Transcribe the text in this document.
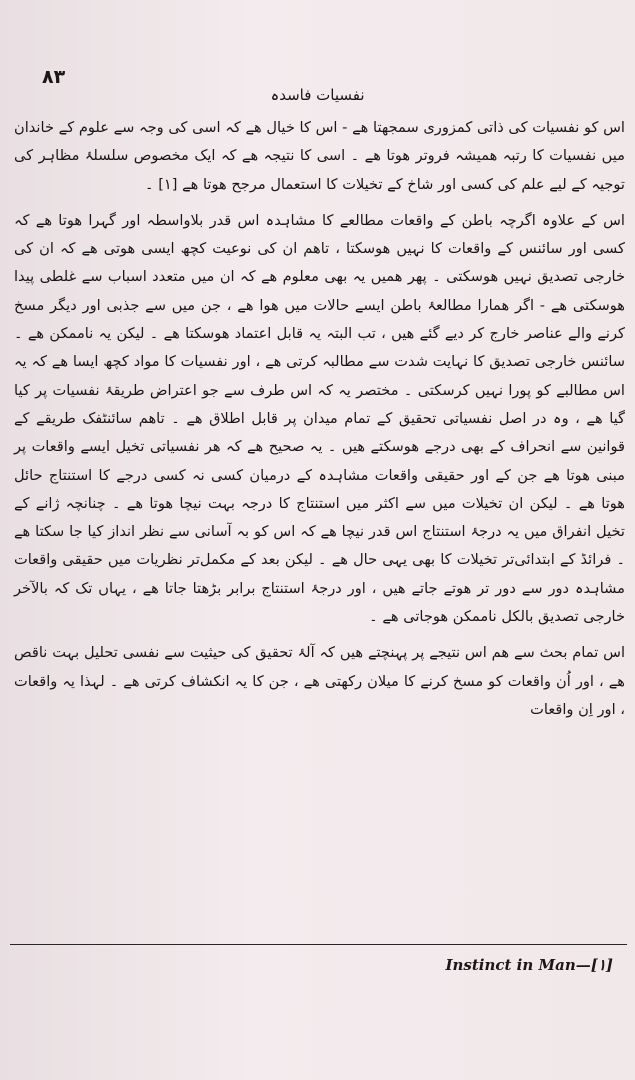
۸۳
نفسیات فاسدہ

اس کو نفسیات کی ذاتی کمزوری سمجھتا ھے - اس کا خیال ھے کہ اسی کی وجہ سے علوم کے خاندان میں نفسیات کا رتبہ ھمیشہ فروتر ھوتا ھے ۔ اسی کا نتیجہ ھے کہ ایک مخصوص سلسلۂ مظاہر کی توجیہ کے لیے علم کی کسی اور شاخ کے تخیلات کا استعمال مرجح ھوتا ھے [۱] ۔

اس کے علاوہ اگرچہ باطن کے واقعات مطالعے کا مشاہدہ اس قدر بلاواسطہ اور گہرا ھوتا ھے کہ کسی اور سائنس کے واقعات کا نہیں ھوسکتا ، تاھم ان کی نوعیت کچھ ایسی ھوتی ھے کہ ان کی خارجی تصدیق نہیں ھوسکتی ۔ پھر ھمیں یہ بھی معلوم ھے کہ ان میں متعدد اسباب سے غلطی پیدا ھوسکتی ھے - اگر ھمارا مطالعۂ باطن ایسے حالات میں ھوا ھے ، جن میں سے جذبی اور دیگر مسخ کرنے والے عناصر خارج کر دیے گئے ھیں ، تب البتہ یہ قابل اعتماد ھوسکتا ھے ۔ لیکن یہ ناممکن ھے ۔ سائنس خارجی تصدیق کا نہایت شدت سے مطالبہ کرتی ھے ، اور نفسیات کا مواد کچھ ایسا ھے کہ یہ اس مطالبے کو پورا نہیں کرسکتی ۔ مختصر یہ کہ اس طرف سے جو اعتراض طریقۂ نفسیات پر کیا گیا ھے ، وہ در اصل نفسیاتی تحقیق کے تمام میدان پر قابل اطلاق ھے ۔ تاھم سائنٹفک طریقے کے قوانین سے انحراف کے بھی درجے ھوسکتے ھیں ۔ یہ صحیح ھے کہ ھر نفسیاتی تخیل ایسے واقعات پر مبنی ھوتا ھے جن کے اور حقیقی واقعات مشاہدہ کے درمیان کسی نہ کسی درجے کا استنتاج حائل ھوتا ھے ۔ لیکن ان تخیلات میں سے اکثر میں استنتاج کا درجہ بہت نیچا ھوتا ھے ۔ چنانچہ ژانے کے تخیل انفراق میں یہ درجۂ استنتاج اس قدر نیچا ھے کہ اس کو بہ آسانی سے نظر انداز کیا جا سکتا ھے ۔ فرائڈ کے ابتدائی‌تر تخیلات کا بھی یہی حال ھے ۔ لیکن بعد کے مکمل‌تر نظریات میں حقیقی واقعات مشاہدہ دور سے دور تر ھوتے جاتے ھیں ، اور درجۂ استنتاج برابر بڑھتا جاتا ھے ، یہاں تک کہ بالآخر خارجی تصدیق بالکل ناممکن ھوجاتی ھے ۔

اس تمام بحث سے ھم اس نتیجے پر پہنچتے ھیں کہ آلۂ تحقیق کی حیثیت سے نفسی تحلیل بہت ناقص ھے ، اور اُن واقعات کو مسخ کرنے کا میلان رکھتی ھے ، جن کا یہ انکشاف کرتی ھے ۔ لہذا یہ واقعات ، اور اِن واقعات

Instinct in Man—[۱]
